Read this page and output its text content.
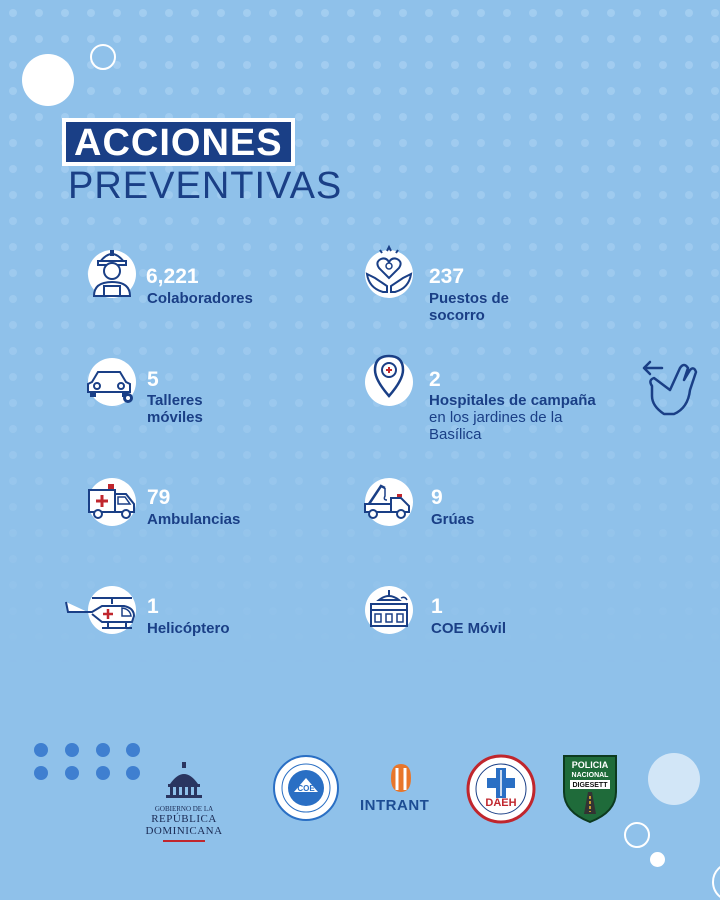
ACCIONES
PREVENTIVAS
6,221
Colaboradores
237
Puestos de socorro
5
Talleres móviles
2
Hospitales de campaña en los jardines de la Basílica
79
Ambulancias
9
Grúas
1
Helicóptero
1
COE Móvil
GOBIERNO DE LA
REPÚBLICA DOMINICANA
COE
INTRANT	DAEH
POLICIA
NACIONAL
DIGESETT
